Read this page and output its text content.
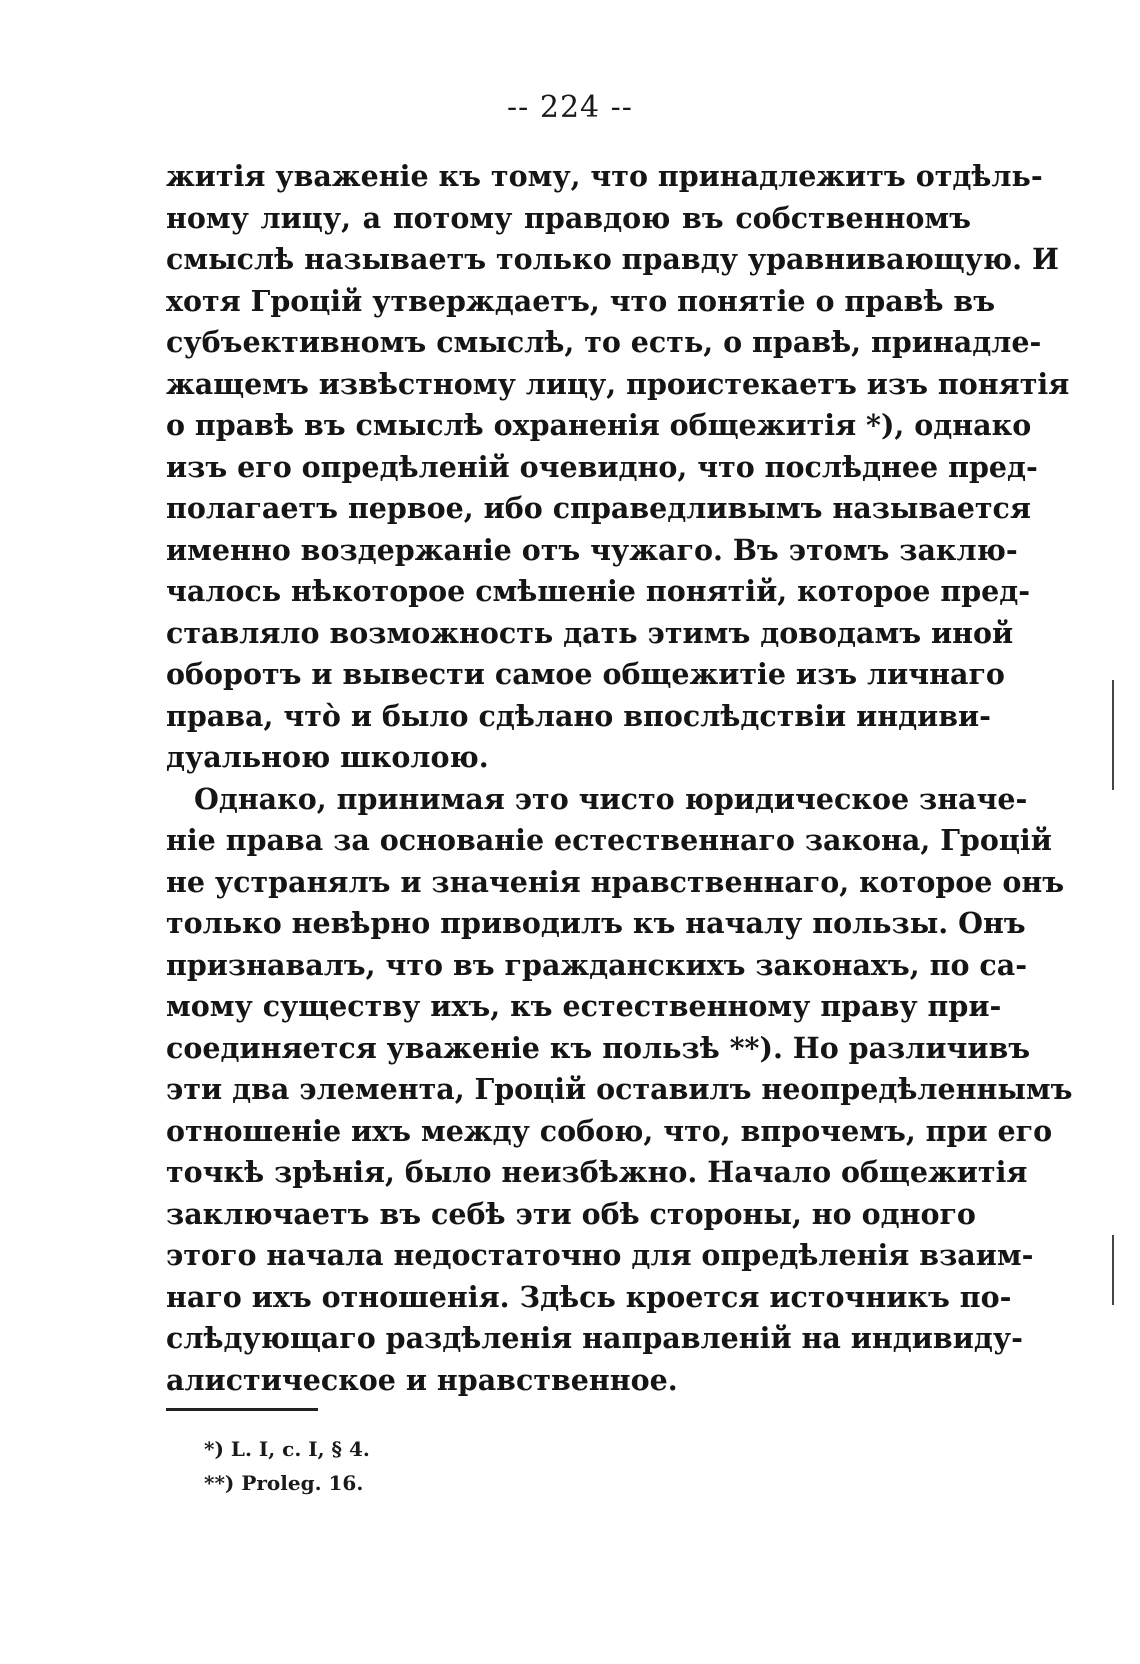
-- 224 --
житія уваженіе къ тому, что принадлежитъ отдѣль-
ному лицу, а потому правдою въ собственномъ
смыслѣ называетъ только правду уравнивающую. И
хотя Гроцій утверждаетъ, что понятіе о правѣ въ
субъективномъ смыслѣ, то есть, о правѣ, принадле-
жащемъ извѣстному лицу, проистекаетъ изъ понятія
о правѣ въ смыслѣ охраненія общежитія *), однако
изъ его опредѣленій очевидно, что послѣднее пред-
полагаетъ первое, ибо справедливымъ называется
именно воздержаніе отъ чужаго. Въ этомъ заклю-
чалось нѣкоторое смѣшеніе понятій, которое пред-
ставляло возможность дать этимъ доводамъ иной
оборотъ и вывести самое общежитіе изъ личнаго
права, что̀ и было сдѣлано впослѣдствіи индиви-
дуальною школою.
Однако, принимая это чисто юридическое значе-
ніе права за основаніе естественнаго закона, Гроцій
не устранялъ и значенія нравственнаго, которое онъ
только невѣрно приводилъ къ началу пользы. Онъ
признавалъ, что въ гражданскихъ законахъ, по са-
мому существу ихъ, къ естественному праву при-
соединяется уваженіе къ пользѣ **). Но различивъ
эти два элемента, Гроцій оставилъ неопредѣленнымъ
отношеніе ихъ между собою, что, впрочемъ, при его
точкѣ зрѣнія, было неизбѣжно. Начало общежитія
заключаетъ въ себѣ эти обѣ стороны, но одного
этого начала недостаточно для опредѣленія взаим-
наго ихъ отношенія. Здѣсь кроется источникъ по-
слѣдующаго раздѣленія направленій на индивиду-
алистическое и нравственное.
*) L. I, c. I, § 4.
**) Proleg. 16.
